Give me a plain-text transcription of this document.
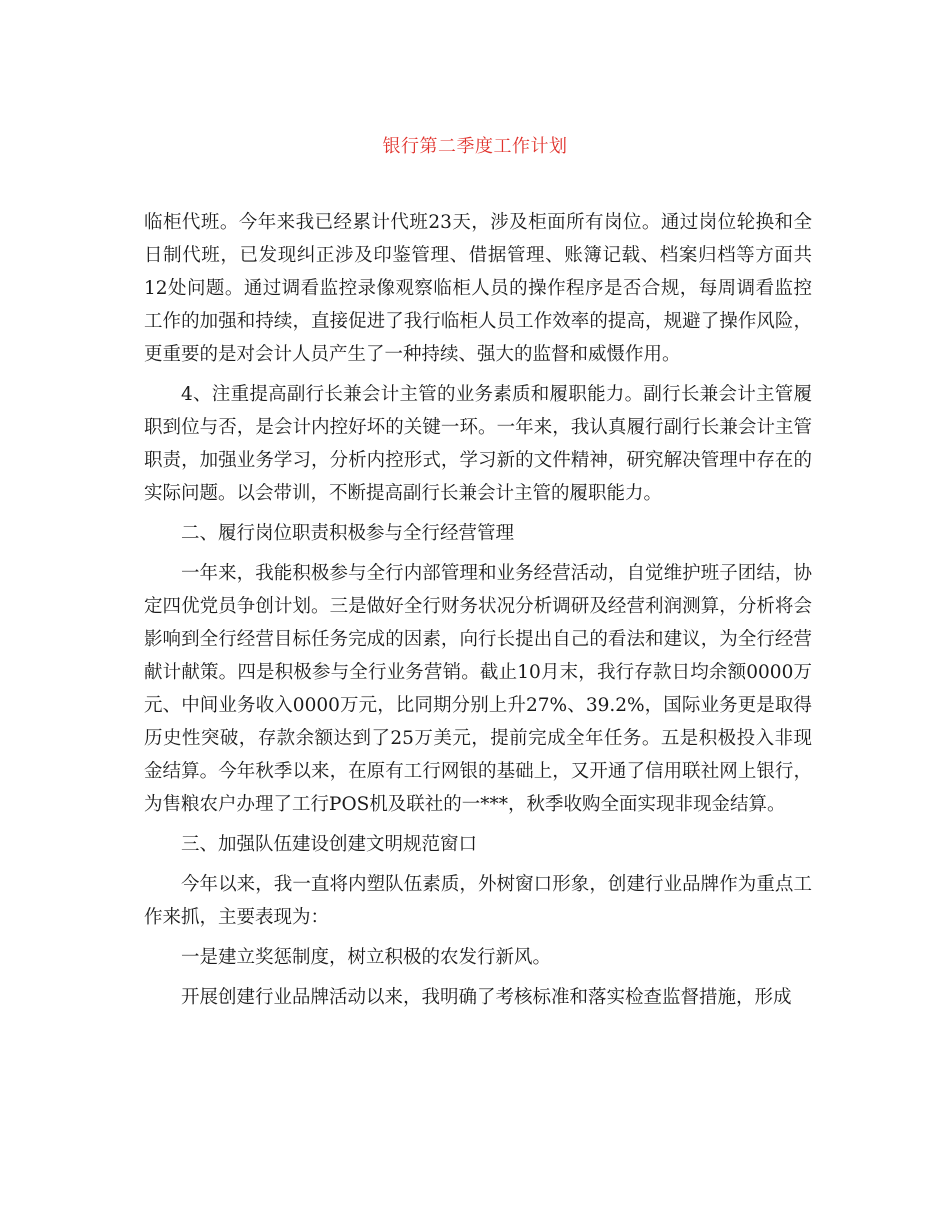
银行第二季度工作计划

临柜代班。今年来我已经累计代班23天，涉及柜面所有岗位。通过岗位轮换和全日制代班，已发现纠正涉及印鉴管理、借据管理、账簿记载、档案归档等方面共12处问题。通过调看监控录像观察临柜人员的操作程序是否合规，每周调看监控工作的加强和持续，直接促进了我行临柜人员工作效率的提高，规避了操作风险，更重要的是对会计人员产生了一种持续、强大的监督和威慑作用。

4、注重提高副行长兼会计主管的业务素质和履职能力。副行长兼会计主管履职到位与否，是会计内控好坏的关键一环。一年来，我认真履行副行长兼会计主管职责，加强业务学习，分析内控形式，学习新的文件精神，研究解决管理中存在的实际问题。以会带训，不断提高副行长兼会计主管的履职能力。

二、履行岗位职责积极参与全行经营管理

一年来，我能积极参与全行内部管理和业务经营活动，自觉维护班子团结，协 定四优党员争创计划。三是做好全行财务状况分析调研及经营利润测算，分析将会影响到全行经营目标任务完成的因素，向行长提出自己的看法和建议，为全行经营献计献策。四是积极参与全行业务营销。截止10月末，我行存款日均余额0000万元、中间业务收入0000万元，比同期分别上升27%、39.2%，国际业务更是取得历史性突破，存款余额达到了25万美元，提前完成全年任务。五是积极投入非现金结算。今年秋季以来，在原有工行网银的基础上，又开通了信用联社网上银行，为售粮农户办理了工行POS机及联社的一***，秋季收购全面实现非现金结算。

三、加强队伍建设创建文明规范窗口

今年以来，我一直将内塑队伍素质，外树窗口形象，创建行业品牌作为重点工作来抓，主要表现为：

一是建立奖惩制度，树立积极的农发行新风。

开展创建行业品牌活动以来，我明确了考核标准和落实检查监督措施，形成
